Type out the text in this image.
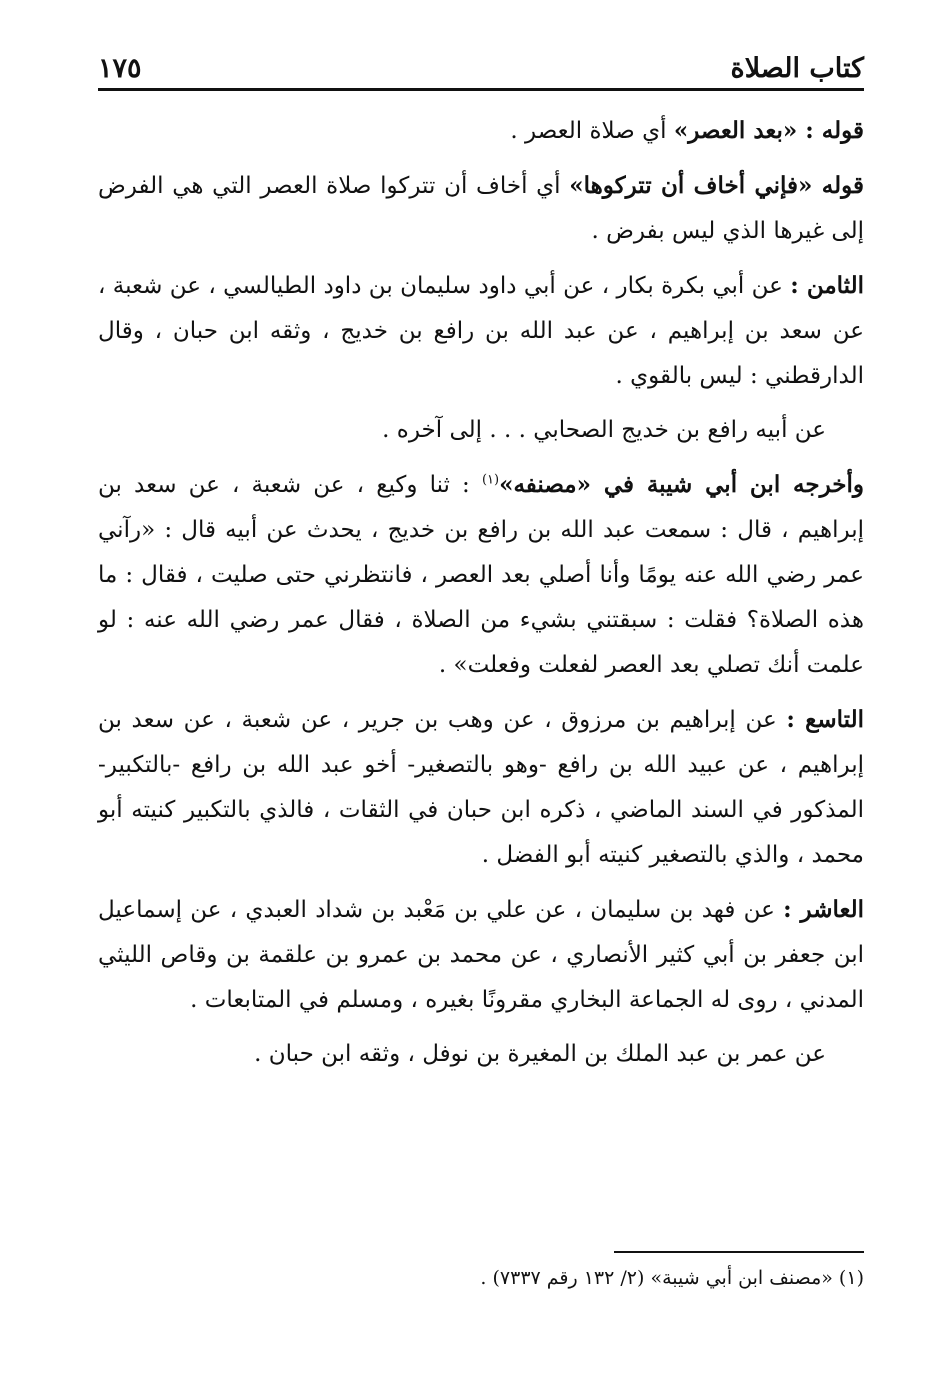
كتاب الصلاة
١٧٥

قوله : «بعد العصر» أي صلاة العصر .

قوله «فإني أخاف أن تتركوها» أي أخاف أن تتركوا صلاة العصر التي هي الفرض إلى غيرها الذي ليس بفرض .

الثامن : عن أبي بكرة بكار ، عن أبي داود سليمان بن داود الطيالسي ، عن شعبة ، عن سعد بن إبراهيم ، عن عبد الله بن رافع بن خديج ، وثقه ابن حبان ، وقال الدارقطني : ليس بالقوي .

عن أبيه رافع بن خديج الصحابي . . . إلى آخره .

وأخرجه ابن أبي شيبة في «مصنفه»$^{(١)}$ : ثنا وكيع ، عن شعبة ، عن سعد بن إبراهيم ، قال : سمعت عبد الله بن رافع بن خديج ، يحدث عن أبيه قال : «رآني عمر رضي الله عنه يومًا وأنا أصلي بعد العصر ، فانتظرني حتى صليت ، فقال : ما هذه الصلاة؟ فقلت : سبقتني بشيء من الصلاة ، فقال عمر رضي الله عنه : لو علمت أنك تصلي بعد العصر لفعلت وفعلت» .

التاسع : عن إبراهيم بن مرزوق ، عن وهب بن جرير ، عن شعبة ، عن سعد بن إبراهيم ، عن عبيد الله بن رافع -وهو بالتصغير- أخو عبد الله بن رافع -بالتكبير- المذكور في السند الماضي ، ذكره ابن حبان في الثقات ، فالذي بالتكبير كنيته أبو محمد ، والذي بالتصغير كنيته أبو الفضل .

العاشر : عن فهد بن سليمان ، عن علي بن مَعْبد بن شداد العبدي ، عن إسماعيل ابن جعفر بن أبي كثير الأنصاري ، عن محمد بن عمرو بن علقمة بن وقاص الليثي المدني ، روى له الجماعة البخاري مقرونًا بغيره ، ومسلم في المتابعات .

عن عمر بن عبد الملك بن المغيرة بن نوفل ، وثقه ابن حبان .

(١) «مصنف ابن أبي شيبة» (٢/ ١٣٢ رقم ٧٣٣٧) .
